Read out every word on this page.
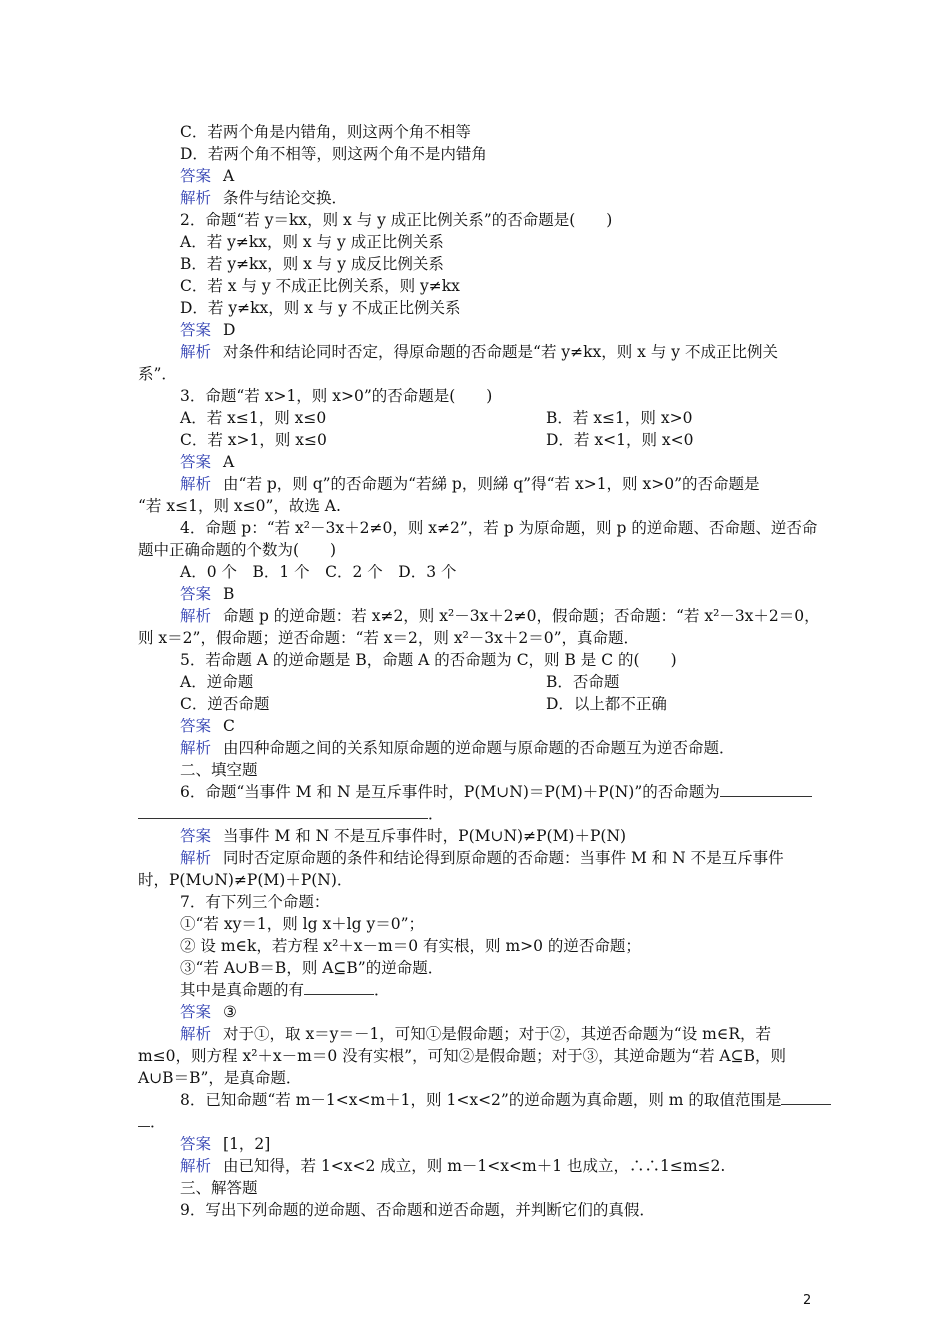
C．若两个角是内错角，则这两个角不相等
D．若两个角不相等，则这两个角不是内错角
答案 A
解析 条件与结论交换．
2．命题“若 y＝kx，则 x 与 y 成正比例关系”的否命题是(　　)
A．若 y≠kx，则 x 与 y 成正比例关系
B．若 y≠kx，则 x 与 y 成反比例关系
C．若 x 与 y 不成正比例关系，则 y≠kx
D．若 y≠kx，则 x 与 y 不成正比例关系
答案 D
解析 对条件和结论同时否定，得原命题的否命题是“若 y≠kx，则 x 与 y 不成正比例关
系”．
3．命题“若 x>1，则 x>0”的否命题是(　　)
A．若 x≤1，则 x≤0	B．若 x≤1，则 x>0
C．若 x>1，则 x≤0	D．若 x<1，则 x<0
答案 A
解析 由“若 p，则 q”的否命题为“若綈 p，则綈 q”得“若 x>1，则 x>0”的否命题是
“若 x≤1，则 x≤0”，故选 A.
4．命题 p：“若 x²－3x＋2≠0，则 x≠2”，若 p 为原命题，则 p 的逆命题、否命题、逆否命
题中正确命题的个数为(　　)
A．0 个　B．1 个　C．2 个　D．3 个
答案 B
解析 命题 p 的逆命题：若 x≠2，则 x²－3x＋2≠0，假命题；否命题：“若 x²－3x＋2＝0，
则 x＝2”，假命题；逆否命题：“若 x＝2，则 x²－3x＋2＝0”，真命题．
5．若命题 A 的逆命题是 B，命题 A 的否命题为 C，则 B 是 C 的(　　)
A．逆命题	B．否命题
C．逆否命题	D．以上都不正确
答案 C
解析 由四种命题之间的关系知原命题的逆命题与原命题的否命题互为逆否命题．
二、填空题
6．命题“当事件 M 和 N 是互斥事件时，P(M∪N)＝P(M)＋P(N)”的否命题为
．
答案 当事件 M 和 N 不是互斥事件时，P(M∪N)≠P(M)＋P(N)
解析 同时否定原命题的条件和结论得到原命题的否命题：当事件 M 和 N 不是互斥事件
时，P(M∪N)≠P(M)＋P(N)．
7．有下列三个命题：
①“若 xy＝1，则 lg x＋lg y＝0”；
② 设 m∈k，若方程 x²＋x－m＝0 有实根，则 m>0 的逆否命题；
③“若 A∪B＝B，则 A⊆B”的逆命题．
其中是真命题的有	．
答案 ③
解析 对于①，取 x＝y＝－1，可知①是假命题；对于②，其逆否命题为“设 m∈R，若
m≤0，则方程 x²＋x－m＝0 没有实根”，可知②是假命题；对于③，其逆命题为“若 A⊆B，则
A∪B＝B”，是真命题．
8．已知命题“若 m－1<x<m＋1，则 1<x<2”的逆命题为真命题，则 m 的取值范围是
．
答案 [1，2]
解析 由已知得，若 1<x<2 成立，则 m－1<x<m＋1 也成立，∴∴1≤m≤2.
三、解答题
9．写出下列命题的逆命题、否命题和逆否命题，并判断它们的真假．
2
